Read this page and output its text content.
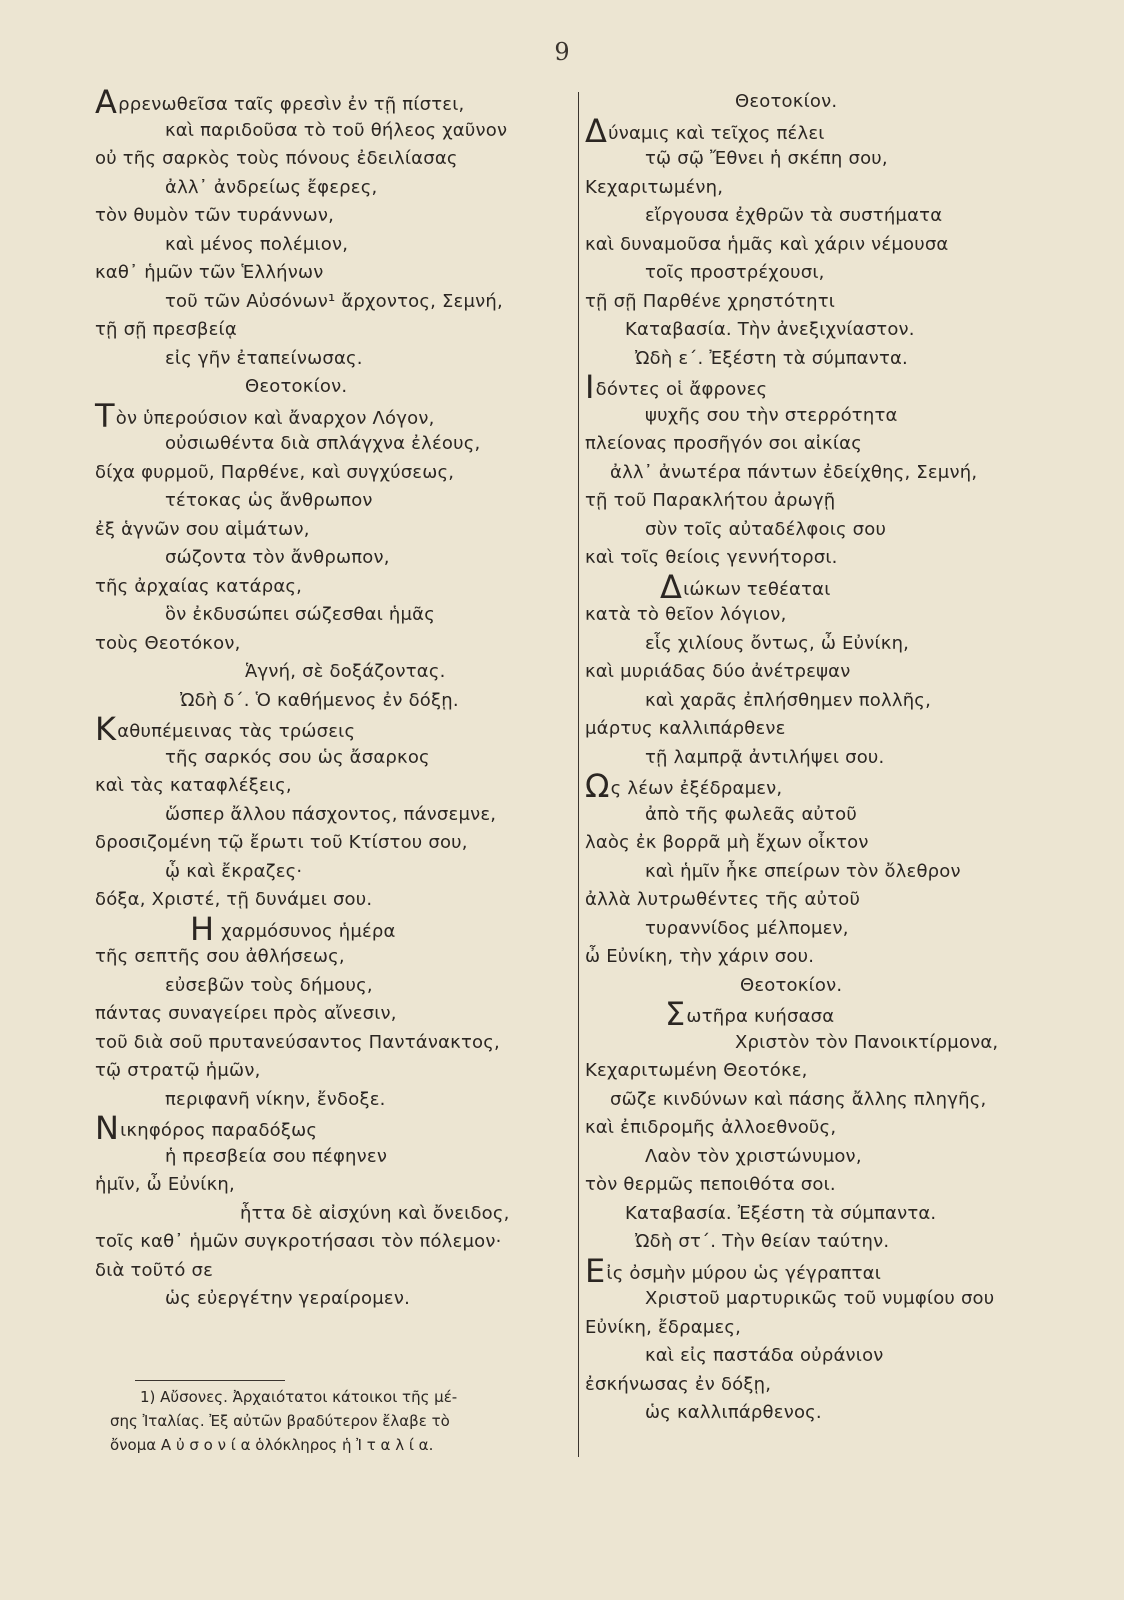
9
Αρρενωθεῖσα ταῖς φρεσὶν ἐν τῇ πίστει,
καὶ παριδοῦσα τὸ τοῦ θήλεος χαῦνον
οὐ τῆς σαρκὸς τοὺς πόνους ἐδειλίασας
ἀλλ᾽ ἀνδρείως ἔφερες,
τὸν θυμὸν τῶν τυράννων,
καὶ μένος πολέμιον,
καθ᾽ ἡμῶν τῶν Ἑλλήνων
τοῦ τῶν Αὐσόνων¹ ἄρχοντος, Σεμνή,
τῇ σῇ πρεσβείᾳ
εἰς γῆν ἐταπείνωσας.
Θεοτοκίον.
Τὸν ὑπερούσιον καὶ ἄναρχον Λόγον,
οὐσιωθέντα διὰ σπλάγχνα ἐλέους,
δίχα φυρμοῦ, Παρθένε, καὶ συγχύσεως,
τέτοκας ὡς ἄνθρωπον
ἐξ ἁγνῶν σου αἱμάτων,
σώζοντα τὸν ἄνθρωπον,
τῆς ἀρχαίας κατάρας,
ὃν ἐκδυσώπει σώζεσθαι ἡμᾶς
τοὺς Θεοτόκον,
Ἁγνή, σὲ δοξάζοντας.
Ὠδὴ δ΄. Ὁ καθήμενος ἐν δόξῃ.
Καθυπέμεινας τὰς τρώσεις
τῆς σαρκός σου ὡς ἄσαρκος
καὶ τὰς καταφλέξεις,
ὥσπερ ἄλλου πάσχοντος, πάνσεμνε,
δροσιζομένη τῷ ἔρωτι τοῦ Κτίστου σου,
ᾧ καὶ ἔκραζες·
δόξα, Χριστέ, τῇ δυνάμει σου.
Η χαρμόσυνος ἡμέρα
τῆς σεπτῆς σου ἀθλήσεως,
εὐσεβῶν τοὺς δήμους,
πάντας συναγείρει πρὸς αἴνεσιν,
τοῦ διὰ σοῦ πρυτανεύσαντος Παντάνακτος,
τῷ στρατῷ ἡμῶν,
περιφανῆ νίκην, ἔνδοξε.
Νικηφόρος παραδόξως
ἡ πρεσβεία σου πέφηνεν
ἡμῖν, ὦ Εὐνίκη,
ἧττα δὲ αἰσχύνη καὶ ὄνειδος,
τοῖς καθ᾽ ἡμῶν συγκροτήσασι τὸν πόλεμον·
διὰ τοῦτό σε
ὡς εὐεργέτην γεραίρομεν.
Θεοτοκίον.
Δύναμις καὶ τεῖχος πέλει
τῷ σῷ Ἔθνει ἡ σκέπη σου,
Κεχαριτωμένη,
εἴργουσα ἐχθρῶν τὰ συστήματα
καὶ δυναμοῦσα ἡμᾶς καὶ χάριν νέμουσα
τοῖς προστρέχουσι,
τῇ σῇ Παρθένε χρηστότητι
Καταβασία. Τὴν ἀνεξιχνίαστον.
Ὠδὴ ε΄. Ἐξέστη τὰ σύμπαντα.
Ιδόντες οἱ ἄφρονες
ψυχῆς σου τὴν στερρότητα
πλείονας προσῆγόν σοι αἰκίας
ἀλλ᾽ ἀνωτέρα πάντων ἐδείχθης, Σεμνή,
τῇ τοῦ Παρακλήτου ἀρωγῇ
σὺν τοῖς αὐταδέλφοις σου
καὶ τοῖς θείοις γεννήτορσι.
Διώκων τεθέαται
κατὰ τὸ θεῖον λόγιον,
εἷς χιλίους ὄντως, ὦ Εὐνίκη,
καὶ μυριάδας δύο ἀνέτρεψαν
καὶ χαρᾶς ἐπλήσθημεν πολλῆς,
μάρτυς καλλιπάρθενε
τῇ λαμπρᾷ ἀντιλήψει σου.
Ως λέων ἐξέδραμεν,
ἀπὸ τῆς φωλεᾶς αὐτοῦ
λαὸς ἐκ βορρᾶ μὴ ἔχων οἶκτον
καὶ ἡμῖν ἧκε σπείρων τὸν ὄλεθρον
ἀλλὰ λυτρωθέντες τῆς αὐτοῦ
τυραννίδος μέλπομεν,
ὦ Εὐνίκη, τὴν χάριν σου.
Θεοτοκίον.
Σωτῆρα κυήσασα
Χριστὸν τὸν Πανοικτίρμονα,
Κεχαριτωμένη Θεοτόκε,
σῶζε κινδύνων καὶ πάσης ἄλλης πληγῆς,
καὶ ἐπιδρομῆς ἀλλοεθνοῦς,
Λαὸν τὸν χριστώνυμον,
τὸν θερμῶς πεποιθότα σοι.
Καταβασία. Ἐξέστη τὰ σύμπαντα.
Ὠδὴ στ΄. Τὴν θείαν ταύτην.
Εἰς ὀσμὴν μύρου ὡς γέγραπται
Χριστοῦ μαρτυρικῶς τοῦ νυμφίου σου
Εὐνίκη, ἔδραμες,
καὶ εἰς παστάδα οὐράνιον
ἐσκήνωσας ἐν δόξῃ,
ὡς καλλιπάρθενος.
1) Αὔσονες. Ἀρχαιότατοι κάτοικοι τῆς μέ-
σης Ἰταλίας. Ἐξ αὐτῶν βραδύτερον ἔλαβε τὸ
ὄνομα Α ὐ σ ο ν ί α ὁλόκληρος ἡ Ἰ τ α λ ί α.
